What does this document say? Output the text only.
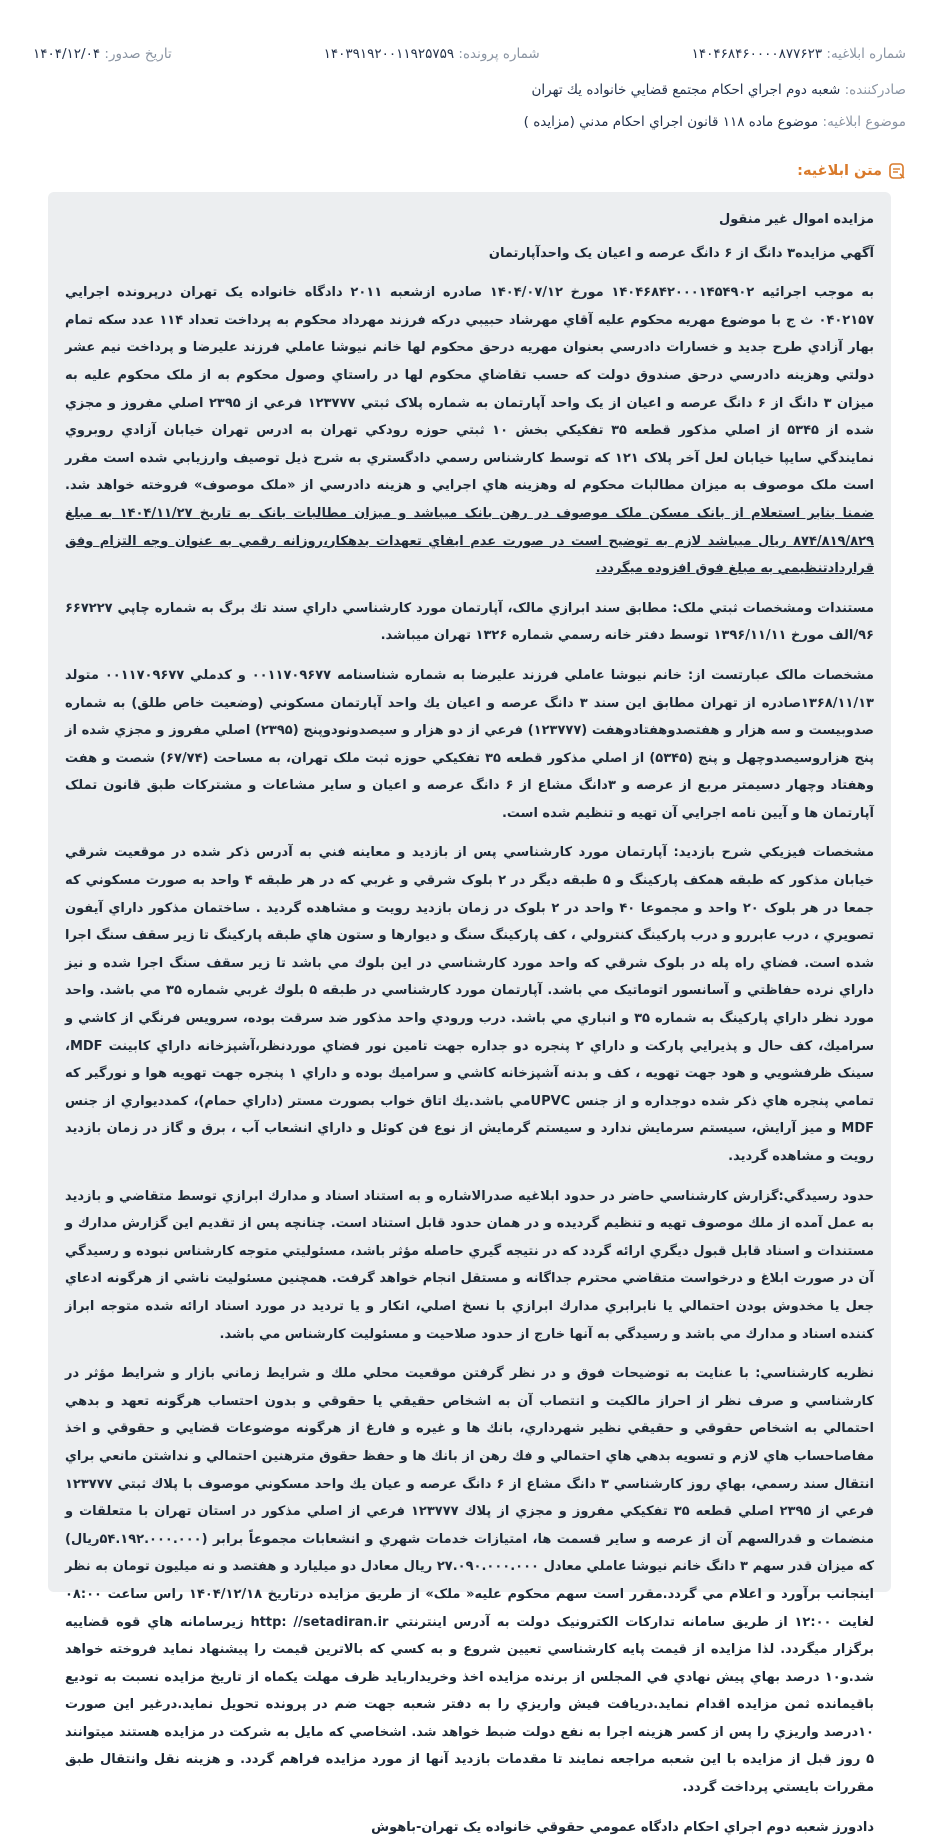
شماره ابلاغيه: ۱۴۰۴۶۸۴۶۰۰۰۰۸۷۷۶۲۳
شماره پرونده: ۱۴۰۳۹۱۹۲۰۰۱۱۹۲۵۷۵۹
تاريخ صدور: ۱۴۰۴/۱۲/۰۴
صادرکننده: شعبه دوم اجراي احکام مجتمع قضايي خانواده يك تهران
موضوع ابلاغيه: موضوع ماده ۱۱۸ قانون اجراي احکام مدني (مزايده )
متن ابلاغيه:

مزايده اموال غير منقول

آگهي مزايده۳ دانگ از ۶ دانگ عرصه و اعيان يک واحدآپارتمان

به موجب اجرائيه ۱۴۰۴۶۸۴۲۰۰۰۱۴۵۴۹۰۲ مورخ ۱۴۰۴/۰۷/۱۲ صادره ازشعبه ۲۰۱۱ دادگاه خانواده يک تهران درپرونده اجرايي ۰۴۰۲۱۵۷ ث ج با موضوع مهريه محکوم عليه آقاي مهرشاد حبيبي درکه فرزند مهرداد محکوم به پرداخت تعداد ۱۱۴ عدد سکه تمام بهار آزادي طرح جديد و خسارات دادرسي بعنوان مهريه درحق محکوم لها خانم نيوشا عاملي فرزند عليرضا و پرداخت نيم عشر دولتي وهزينه دادرسي درحق صندوق دولت که حسب تقاضاي محکوم لها در راستاي وصول محکوم به از ملک محکوم عليه به ميزان ۳ دانگ از ۶ دانگ عرصه و اعيان از يک واحد آپارتمان به شماره پلاک ثبتي ۱۲۳۷۷۷ فرعي از ۲۳۹۵ اصلي مفروز و مجزي شده از ۵۳۴۵ از اصلي مذکور قطعه ۳۵ تفکيکي بخش ۱۰ ثبتي حوزه رودکي تهران به ادرس تهران خيابان آزادي روبروي نمايندگي سايپا خيابان لعل آخر پلاک ۱۲۱ که توسط کارشناس رسمي دادگستري به شرح ذيل توصيف وارزيابي شده است مقرر است ملک موصوف به ميزان مطالبات محکوم له وهزينه هاي اجرايي و هزينه دادرسي از «ملک موصوف» فروخته خواهد شد. ضمنا بنابر استعلام از بانک مسکن ملک موصوف در رهن بانک ميباشد و ميزان مطالبات بانک به تاريخ ۱۴۰۴/۱۱/۲۷ به مبلغ ۸۷۴/۸۱۹/۸۲۹ ريال ميباشد لازم به توضيح است در صورت عدم ايفاي تعهدات بدهکار،روزانه رقمي به عنوان وجه التزام وفق قراردادتنظيمي به مبلغ فوق افزوده ميگردد.

مستندات ومشخصات ثبتي ملک: مطابق سند ابرازي مالک، آپارتمان مورد کارشناسي داراي سند تك برگ به شماره چاپي ۶۶۷۲۲۷ ۹۶/الف مورخ ۱۳۹۶/۱۱/۱۱ توسط دفتر خانه رسمي شماره ۱۳۲۶ تهران ميباشد.

مشخصات مالک عبارتست از: خانم نيوشا عاملي فرزند عليرضا به شماره شناسنامه ۰۰۱۱۷۰۹۶۷۷ و کدملي ۰۰۱۱۷۰۹۶۷۷ متولد ۱۳۶۸/۱۱/۱۳صادره از تهران مطابق اين سند ۳ دانگ عرصه و اعيان يك واحد آپارتمان مسکوني (وضعيت خاص طلق) به شماره صدوبيست و سه هزار و هفتصدوهفتادوهفت (۱۲۳۷۷۷) فرعي از دو هزار و سيصدونودوپنج (۲۳۹۵) اصلي مفروز و مجزي شده از پنج هزاروسيصدوچهل و پنج (۵۳۴۵) از اصلي مذکور قطعه ۳۵ تفکيکي حوزه ثبت ملک تهران، به مساحت (۶۷/۷۴) شصت و هفت وهفتاد وچهار دسيمتر مربع از عرصه و ۳دانگ مشاع از ۶ دانگ عرصه و اعيان و ساير مشاعات و مشترکات طبق قانون تملک آپارتمان ها و آيين نامه اجرايي آن تهيه و تنظيم شده است.

مشخصات فيزيکي شرح بازديد: آپارتمان مورد کارشناسي پس از بازديد و معاينه فني به آدرس ذکر شده در موقعيت شرقي خيابان مذکور که طبقه همکف پارکينگ و ۵ طبقه ديگر در ۲ بلوک شرقي و غربي که در هر طبقه ۴ واحد به صورت مسکوني که جمعا در هر بلوک ۲۰ واحد و مجموعا ۴۰ واحد در ۲ بلوک در زمان بازديد رويت و مشاهده گرديد . ساختمان مذکور داراي آيفون تصويري ، درب عابررو و درب پارکينگ کنترولي ، کف پارکينگ سنگ و ديوارها و ستون هاي طبقه پارکينگ تا زير سقف سنگ اجرا شده است. فضاي راه پله در بلوک شرقي که واحد مورد کارشناسي در اين بلوك مي باشد تا زير سقف سنگ اجرا شده و نيز داراي نرده حفاظتي و آسانسور اتوماتيک مي باشد. آپارتمان مورد کارشناسي در طبقه ۵ بلوك غربي شماره ۳۵ مي باشد. واحد مورد نظر داراي پارکينگ به شماره ۳۵ و انباري مي باشد. درب ورودي واحد مذکور ضد سرقت بوده، سرويس فرنگي از کاشي و سراميك، کف حال و پذيرايي پارکت و داراي ۲ پنجره دو جداره جهت تامين نور فضاي موردنظر،آشپزخانه داراي کابينت MDF، سينک ظرفشويي و هود جهت تهويه ، کف و بدنه آشپزخانه کاشي و سراميك بوده و داراي ۱ پنجره جهت تهويه هوا و نورگير که تمامي پنجره هاي ذکر شده دوجداره و از جنس UPVCمي باشد.يك اتاق خواب بصورت مستر (داراي حمام)، کمدديواري از جنس MDF و ميز آرايش، سيستم سرمايش ندارد و سيستم گرمايش از نوع فن کوئل و داراي انشعاب آب ، برق و گاز در زمان بازديد رويت و مشاهده گرديد.

حدود رسيدگي:گزارش کارشناسي حاضر در حدود ابلاغيه صدرالاشاره و به استناد اسناد و مدارك ابرازي توسط متقاضي و بازديد به عمل آمده از ملك موصوف تهيه و تنظيم گرديده و در همان حدود قابل استناد است. چنانچه پس از تقديم اين گزارش مدارك و مستندات و اسناد قابل قبول ديگري ارائه گردد که در نتيجه گيري حاصله مؤثر باشد، مسئوليتي متوجه کارشناس نبوده و رسيدگي آن در صورت ابلاغ و درخواست متقاضي محترم جداگانه و مستقل انجام خواهد گرفت. همچنين مسئوليت ناشي از هرگونه ادعاي جعل يا مخدوش بودن احتمالي يا نابرابري مدارك ابرازي با نسخ اصلي، انکار و يا ترديد در مورد اسناد ارائه شده متوجه ابراز کننده اسناد و مدارك مي باشد و رسيدگي به آنها خارج از حدود صلاحيت و مسئوليت کارشناس مي باشد.

نظريه کارشناسي: با عنايت به توضيحات فوق و در نظر گرفتن موقعيت محلي ملك و شرايط زماني بازار و شرايط مؤثر در کارشناسي و صرف نظر از احراز مالکيت و انتصاب آن به اشخاص حقيقي يا حقوقي و بدون احتساب هرگونه تعهد و بدهي احتمالي به اشخاص حقوقي و حقيقي نظير شهرداري، بانك ها و غيره و فارغ از هرگونه موضوعات قضايي و حقوقي و اخذ مفاصاحساب هاي لازم و تسويه بدهي هاي احتمالي و فك رهن از بانك ها و حفظ حقوق مترهنين احتمالي و نداشتن مانعي براي انتقال سند رسمي، بهاي روز کارشناسي ۳ دانگ مشاع از ۶ دانگ عرصه و عيان يك واحد مسکوني موصوف با پلاك ثبتي ۱۲۳۷۷۷ فرعي از ۲۳۹۵ اصلي قطعه ۳۵ تفکيکي مفروز و مجزي از پلاك ۱۲۳۷۷۷ فرعي از اصلي مذکور در استان تهران با متعلقات و منضمات و قدرالسهم آن از عرصه و ساير قسمت ها، امتيازات خدمات شهري و انشعابات مجموعاً برابر (۵۴.۱۹۲.۰۰۰.۰۰۰ريال) که ميزان قدر سهم ۳ دانگ خانم نيوشا عاملي معادل ۲۷.۰۹۰.۰۰۰.۰۰۰ ريال معادل دو ميليارد و هفتصد و نه ميليون تومان به نظر اينجانب برآورد و اعلام مي گردد.مقرر است سهم محکوم عليه« ملک» از طريق مزايده درتاريخ ۱۴۰۴/۱۲/۱۸ راس ساعت ۰۸:۰۰ لغايت ۱۲:۰۰ از طريق سامانه تدارکات الکترونيک دولت به آدرس اينترنتي http: //setadiran.ir زيرسامانه هاي قوه قضاييه برگزار ميگردد. لذا مزايده از قيمت پايه کارشناسي تعيين شروع و به کسي که بالاترين قيمت را پيشنهاد نمايد فروخته خواهد شد.و۱۰ درصد بهاي پيش نهادي في المجلس از برنده مزايده اخذ وخريداربايد ظرف مهلت يکماه از تاريخ مزايده نسبت به توديع باقيمانده ثمن مزايده اقدام نمايد.دريافت فيش واريزي را به دفتر شعبه جهت ضم در پرونده تحويل نمايد.درغير اين صورت ۱۰درصد واريزي را پس از کسر هزينه اجرا به نفع دولت ضبط خواهد شد. اشخاصي که مايل به شرکت در مزايده هستند ميتوانند ۵ روز قبل از مزايده با اين شعبه مراجعه نمايند تا مقدمات بازديد آنها از مورد مزايده فراهم گردد. و هزينه نقل وانتقال طبق مقررات بايستي پرداخت گردد.

دادورز شعبه دوم اجراي احکام دادگاه عمومي حقوقي خانواده يک تهران-باهوش
